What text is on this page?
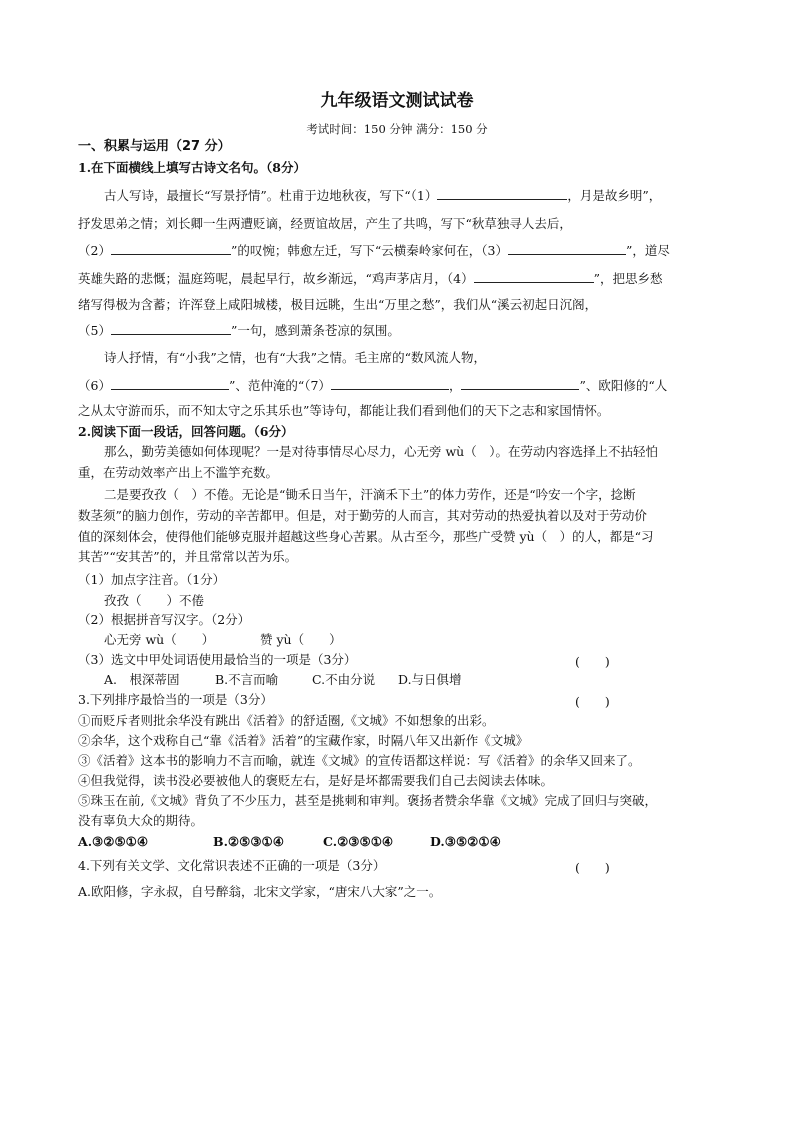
九年级语文测试试卷
考试时间：150 分钟 满分：150 分
一、积累与运用（27 分）
1.在下面横线上填写古诗文名句。（8分）
古人写诗，最擅长“写景抒情”。杜甫于边地秋夜，写下“（1）	，月是故乡明”，
抒发思弟之情；刘长卿一生两遭贬谪，经贾谊故居，产生了共鸣，写下“秋草独寻人去后，
（2）	”的叹惋；韩愈左迁，写下“云横秦岭家何在，（3）	”，道尽
英雄失路的悲慨；温庭筠呢，晨起早行，故乡渐远，“鸡声茅店月，（4）	”，把思乡愁
绪写得极为含蓄；许浑登上咸阳城楼，极目远眺，生出“万里之愁”，我们从“溪云初起日沉阁，
（5）	”一句，感到萧条苍凉的氛围。
诗人抒情，有“小我”之情，也有“大我”之情。毛主席的“数风流人物，
（6）	”、范仲淹的“（7）	，	”、欧阳修的“人
之从太守游而乐，而不知太守之乐其乐也”等诗句，都能让我们看到他们的天下之志和家国情怀。
2.阅读下面一段话，回答问题。（6分）
那么，勤劳美德如何体现呢？一是对待事情尽心尽力，心无旁 wù（　）。在劳动内容选择上不拈轻怕
重，在劳动效率产出上不滥竽充数。
二是要孜孜（　）不倦。无论是“锄禾日当午，汗滴禾下土”的体力劳作，还是“吟安一个字，捻断
数茎须”的脑力创作，劳动的辛苦都甲。但是，对于勤劳的人而言，其对劳动的热爱执着以及对于劳动价
值的深刻体会，使得他们能够克服并超越这些身心苦累。从古至今，那些广受赞 yù（　）的人，都是“习
其苦”“安其苦”的，并且常常以苦为乐。
（1）加点字注音。（1分）
孜孜（　　）不倦
（2）根据拼音写汉字。（2分）
心无旁 wù（　　）	赞 yù（　　）
（3）选文中甲处词语使用最恰当的一项是（3分）	(　　)
A.　根深蒂固	B.不言而喻	C.不由分说 D.与日俱增
3.下列排序最恰当的一项是（3分）	(　　)
①而贬斥者则批余华没有跳出《活着》的舒适圈,《文城》不如想象的出彩。
②余华，这个戏称自己“靠《活着》活着”的宝藏作家，时隔八年又出新作《文城》
③《活着》这本书的影响力不言而喻，就连《文城》的宣传语都这样说：写《活着》的余华又回来了。
④但我觉得，读书没必要被他人的褒贬左右，是好是坏都需要我们自己去阅读去体味。
⑤珠玉在前,《文城》背负了不少压力，甚至是挑刺和审判。褒扬者赞余华靠《文城》完成了回归与突破，
没有辜负大众的期待。
A.③②⑤①④	B.②⑤③①④	C.②③⑤①④	D.③⑤②①④
4.下列有关文学、文化常识表述不正确的一项是（3分）	(　　)
A.欧阳修，字永叔，自号醉翁，北宋文学家，“唐宋八大家”之一。
